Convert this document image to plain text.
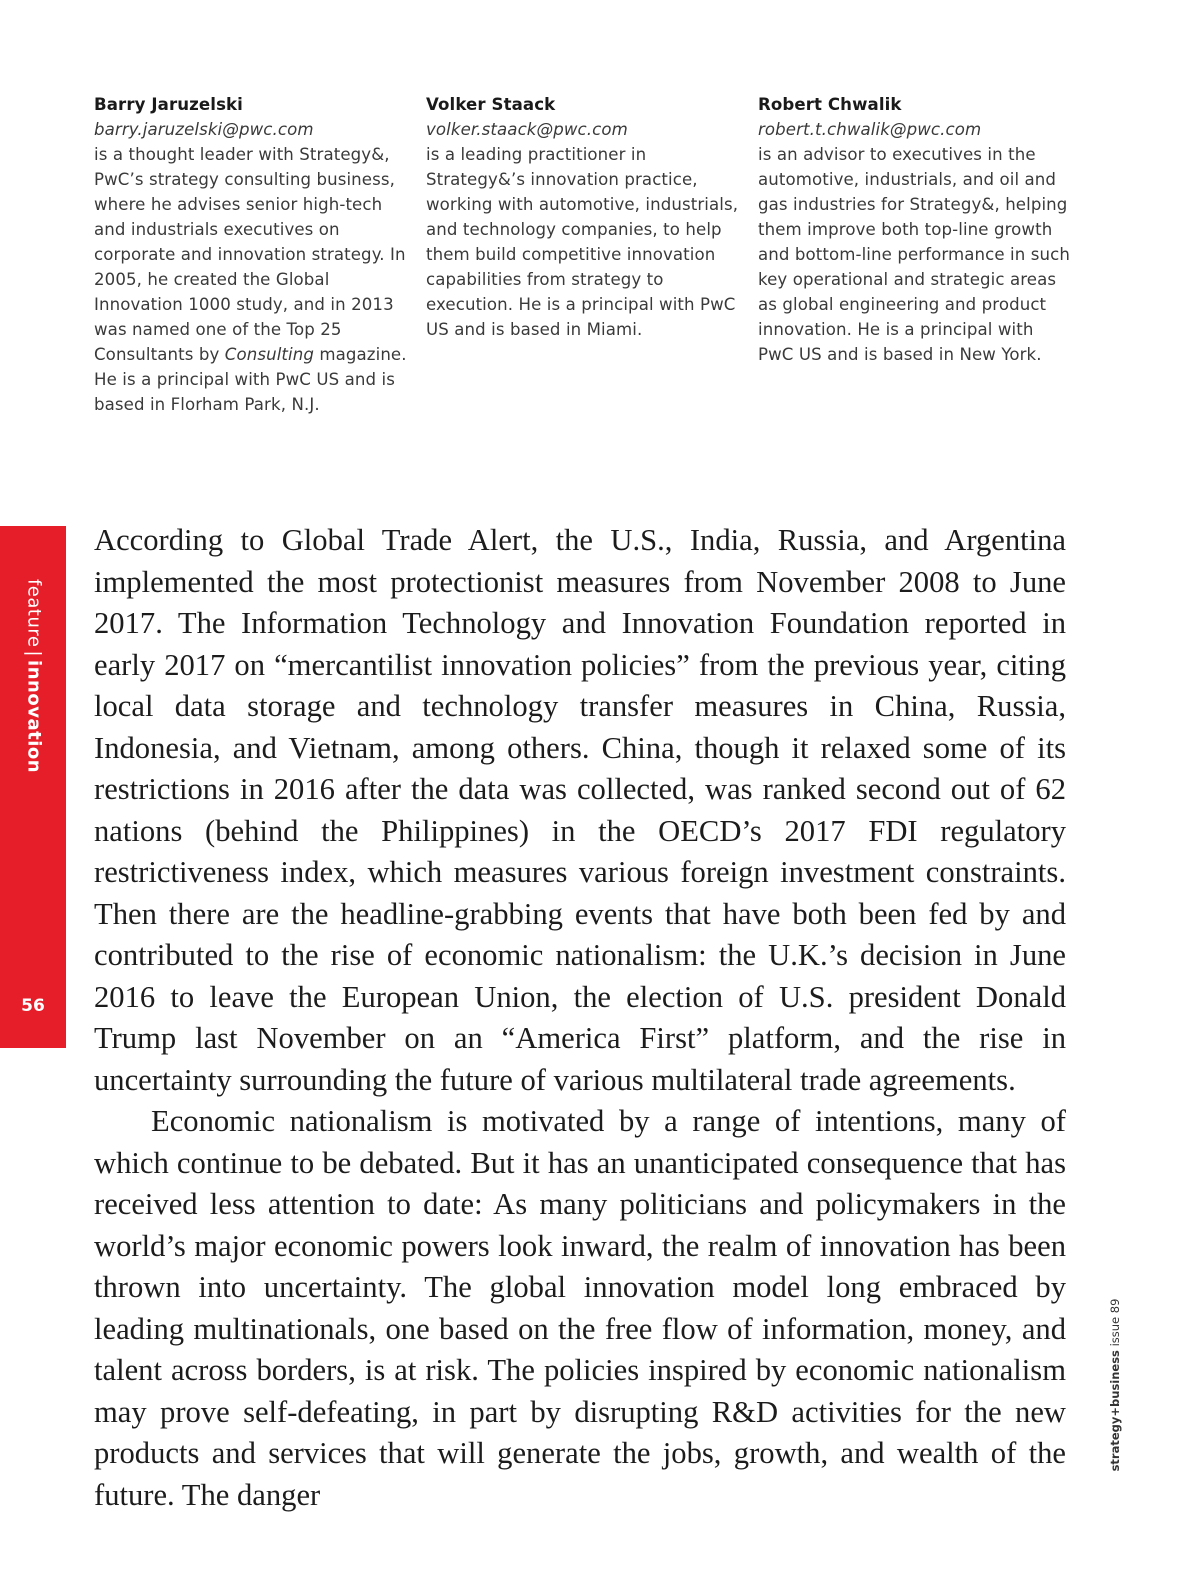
Barry Jaruzelski
barry.jaruzelski@pwc.com
is a thought leader with Strategy&, PwC’s strategy consulting business, where he advises senior high-tech and industrials executives on corporate and innovation strategy. In 2005, he created the Global Innovation 1000 study, and in 2013 was named one of the Top 25 Consultants by Consulting magazine. He is a principal with PwC US and is based in Florham Park, N.J.
Volker Staack
volker.staack@pwc.com
is a leading practitioner in Strategy&’s innovation practice, working with automotive, industrials, and technology companies, to help them build competitive innovation capabilities from strategy to execution. He is a principal with PwC US and is based in Miami.
Robert Chwalik
robert.t.chwalik@pwc.com
is an advisor to executives in the automotive, industrials, and oil and gas industries for Strategy&, helping them improve both top-line growth and bottom-line performance in such key operational and strategic areas as global engineering and product innovation. He is a principal with PwC US and is based in New York.
feature|innovation
56

According to Global Trade Alert, the U.S., India, Russia, and Argentina implemented the most protectionist measures from November 2008 to June 2017. The Information Technology and Innovation Foundation reported in early 2017 on “mercantilist innovation policies” from the previous year, citing local data storage and technology transfer measures in China, Russia, Indonesia, and Vietnam, among others. China, though it relaxed some of its restrictions in 2016 after the data was collected, was ranked second out of 62 nations (behind the Philippines) in the OECD’s 2017 FDI regulatory restrictiveness index, which measures various foreign investment constraints. Then there are the headline-grabbing events that have both been fed by and contributed to the rise of economic nationalism: the U.K.’s decision in June 2016 to leave the European Union, the election of U.S. president Donald Trump last November on an “America First” platform, and the rise in uncertainty surrounding the future of various multilateral trade agreements.

Economic nationalism is motivated by a range of intentions, many of which continue to be debated. But it has an unanticipated consequence that has received less attention to date: As many politicians and policymakers in the world’s major economic powers look inward, the realm of innovation has been thrown into uncertainty. The global innovation model long embraced by leading multinationals, one based on the free flow of information, money, and talent across borders, is at risk. The policies inspired by economic nationalism may prove self-defeating, in part by disrupting R&D activities for the new products and services that will generate the jobs, growth, and wealth of the future. The danger

strategy+business issue 89
